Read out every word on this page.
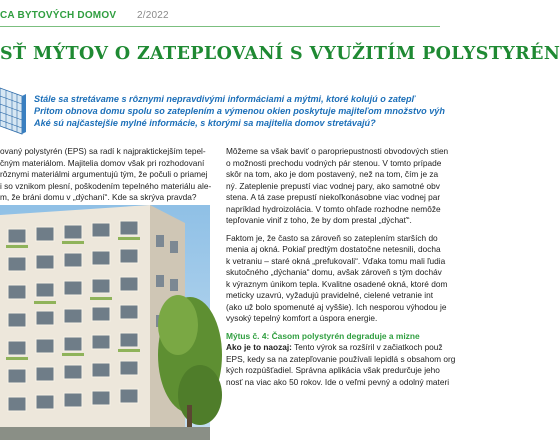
CA BYTOVÝCH DOMOV 2/2022
SŤ MÝTOV O ZATEPĽOVANÍ S VYUŽITÍM POLYSTYRÉN
Stále sa stretávame s rôznymi nepravdivými informáciami a mýtmi, ktoré kolujú o zatepľ
Pritom obnova domu spolu so zateplením a výmenou okien poskytuje majiteľom množstvo výh
Aké sú najčastejšie mylné informácie, s ktorými sa majitelia domov stretávajú?
ovaný polystyrén (EPS) sa radí k najpraktickejším tepel-
čným materiálom. Majitelia domov však pri rozhodovaní
rôznymi materiálmi argumentujú tým, že počuli o priamej
i so vznikom plesní, poškodením tepelného materiálu ale-
m, že bráni domu v „dýchaní“. Kde sa skrýva pravda?
Môžeme sa však baviť o paropriepustnosti obvodových stien
o možnosti prechodu vodných pár stenou. V tomto prípade
skôr na tom, ako je dom postavený, než na tom, čím je za
ný. Zateplenie prepustí viac vodnej pary, ako samotné obv
stena. A tá zase prepustí niekoľkonásobne viac vodnej par
napríklad hydroizolácia. V tomto ohľade rozhodne nemôže
tepľovanie vinif z toho, že by dom prestal „dýchať“.
Faktom je, že často sa zároveň so zateplením starších do
menia aj okná. Pokiaľ predtým dostatočne netesnili, docha
k vetraniu – staré okná „prefukovali“. Vďaka tomu mali ľudia
skutočného „dýchania“ domu, avšak zároveň s tým docháv
k výraznym únikom tepla. Kvalitne osadené okná, ktoré dom
meticky uzavrú, vyžadujú pravidelné, cielené vetranie int
(ako už bolo spomenuté aj vyššie). Ich nesporou výhodou je
vysoký tepelný komfort a úspora energie.
Mýtus č. 4: Časom polystyrén degraduje a mizne
Ako je to naozaj: Tento výrok sa rozšíril v začiatkoch použ
EPS, kedy sa na zatepľovanie používali lepidlá s obsahom org
kých rozpúšťadiel. Správna aplikácia však predurčuje jeho
nosť na viac ako 50 rokov. Ide o veľmi pevný a odolný materi
